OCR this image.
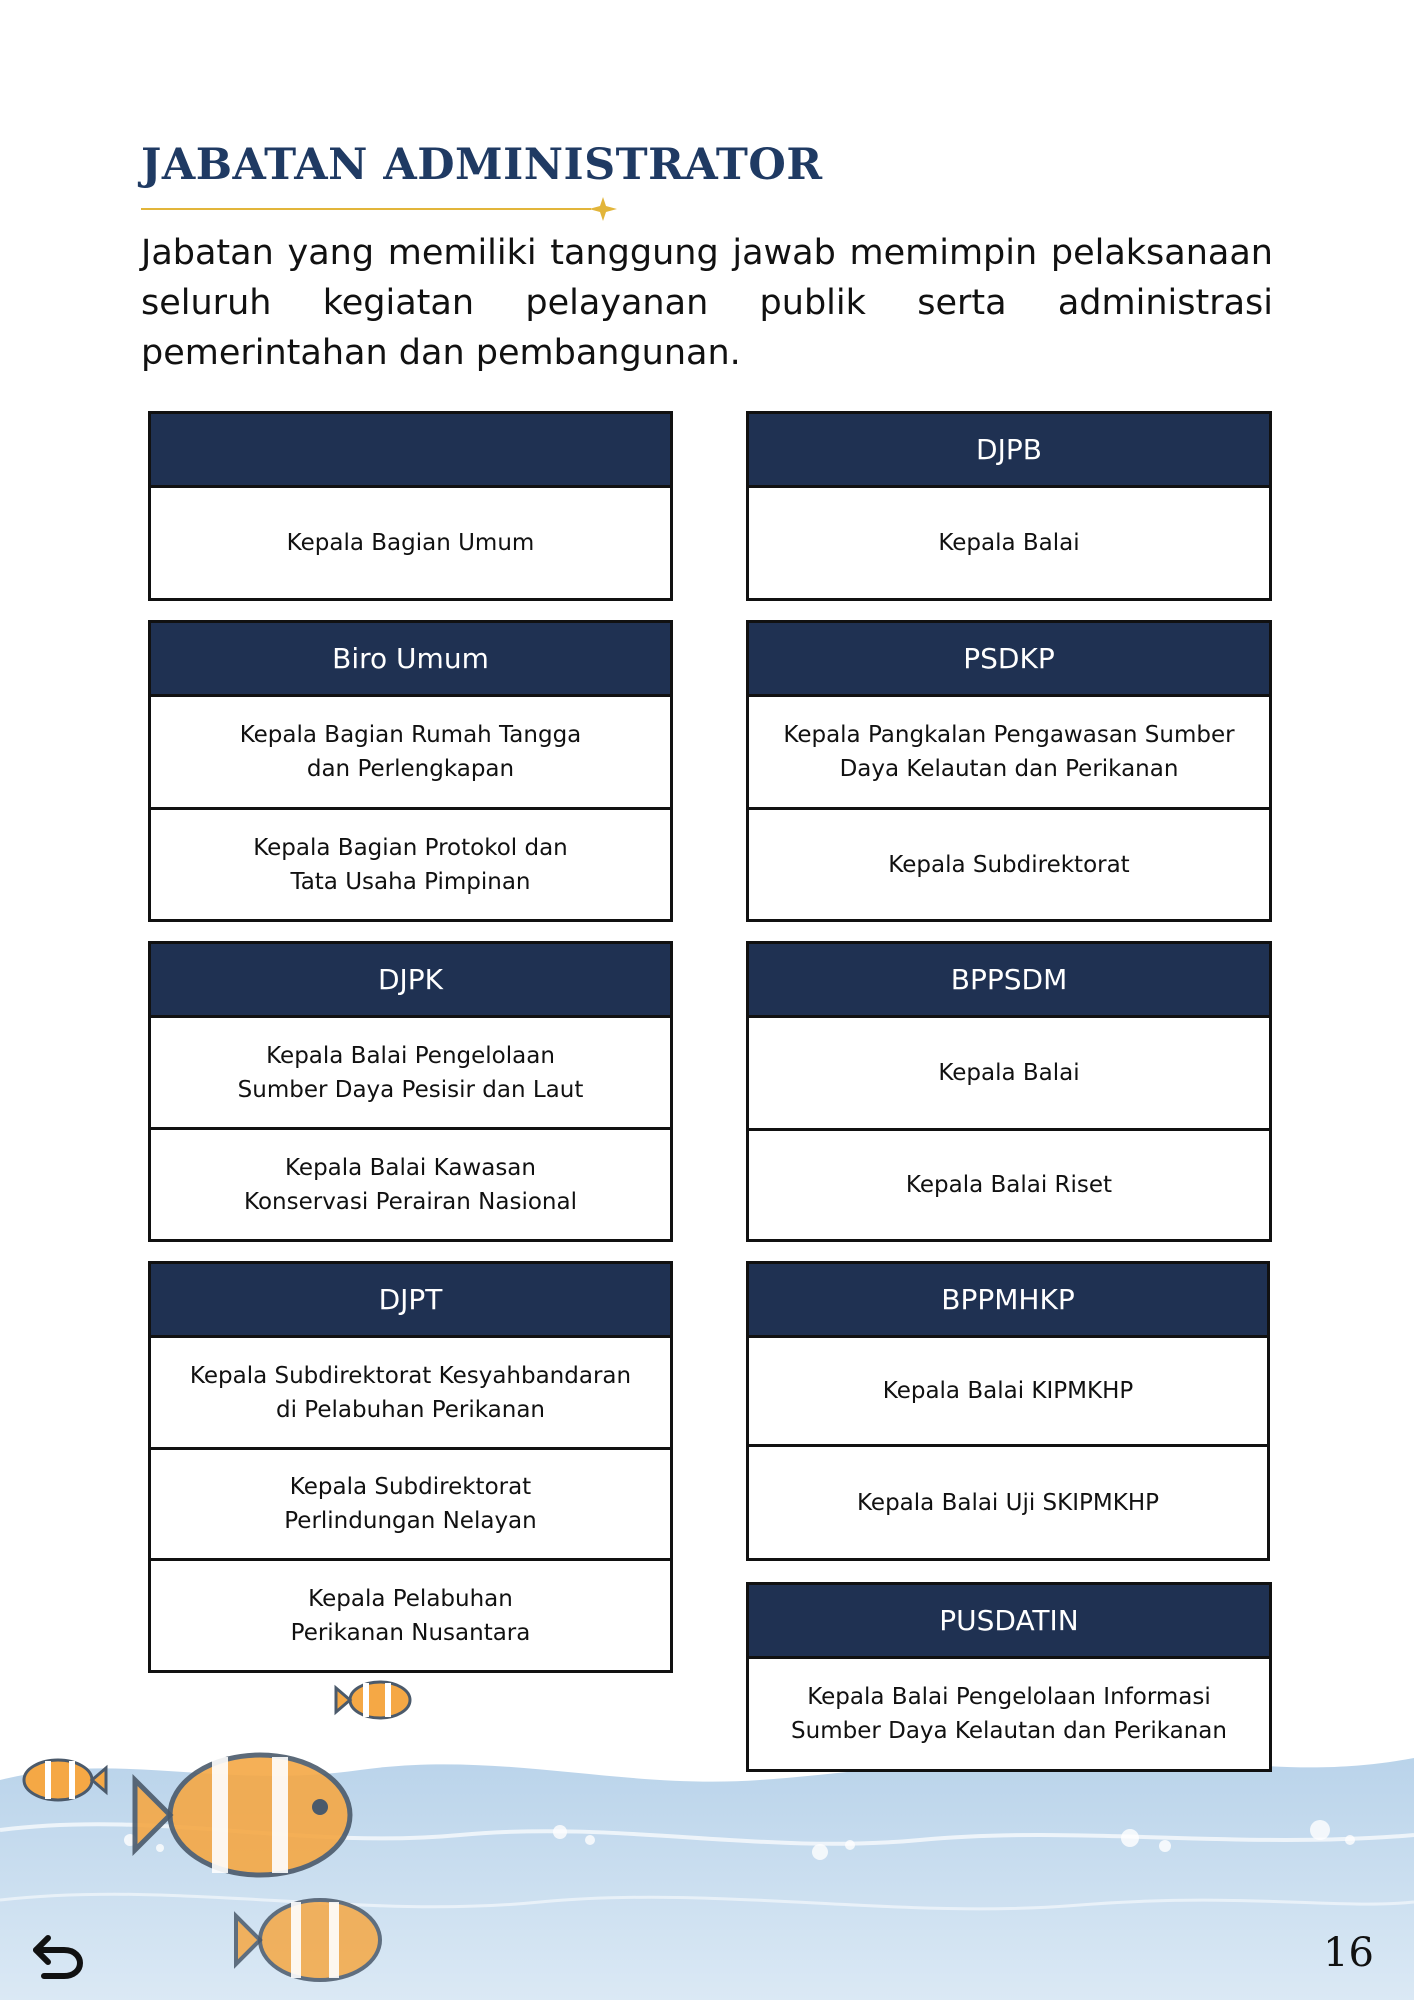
JABATAN ADMINISTRATOR

Jabatan yang memiliki tanggung jawab memimpin pelaksanaan seluruh kegiatan pelayanan publik serta administrasi pemerintahan dan pembangunan.

Kepala Bagian Umum
Biro Umum
Kepala Bagian Rumah Tangga
dan Perlengkapan
Kepala Bagian Protokol dan
Tata Usaha Pimpinan
DJPK
Kepala Balai Pengelolaan
Sumber Daya Pesisir dan Laut
Kepala Balai Kawasan
Konservasi Perairan Nasional
DJPT
Kepala Subdirektorat Kesyahbandaran
di Pelabuhan Perikanan
Kepala Subdirektorat
Perlindungan Nelayan
Kepala Pelabuhan
Perikanan Nusantara
DJPB
Kepala Balai
PSDKP
Kepala Pangkalan Pengawasan Sumber
Daya Kelautan dan Perikanan
Kepala Subdirektorat
BPPSDM
Kepala Balai
Kepala Balai Riset
BPPMHKP
Kepala Balai KIPMKHP
Kepala Balai Uji SKIPMKHP
PUSDATIN
Kepala Balai Pengelolaan Informasi
Sumber Daya Kelautan dan Perikanan
16
